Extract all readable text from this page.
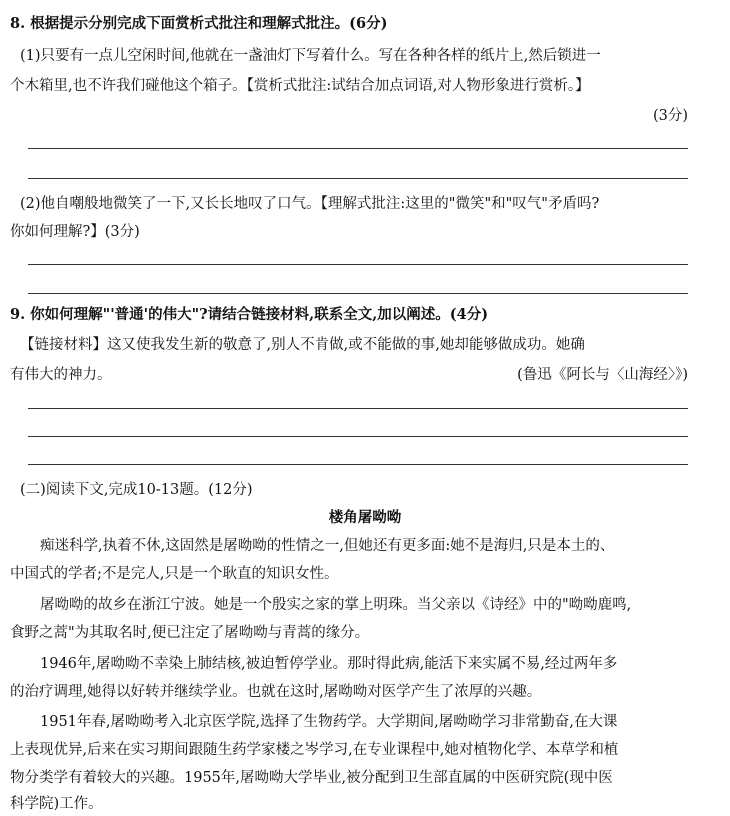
8. 根据提示分别完成下面赏析式批注和理解式批注。(6分)
(1)只要有一点儿空闲时间,他就在一盏油灯下写着什么。写在各种各样的纸片上,然后锁进一
个木箱里,也不许我们碰他这个箱子。【赏析式批注:试结合加点词语,对人物形象进行赏析。】
(3分)
(2)他自嘲般地微笑了一下,又长长地叹了口气。【理解式批注:这里的"微笑"和"叹气"矛盾吗?
你如何理解?】(3分)
9. 你如何理解"'普通'的伟大"?请结合链接材料,联系全文,加以阐述。(4分)
【链接材料】这又使我发生新的敬意了,别人不肯做,或不能做的事,她却能够做成功。她确
有伟大的神力。	(鲁迅《阿长与〈山海经〉》)
(二)阅读下文,完成10-13题。(12分)
楼角屠呦呦
痴迷科学,执着不休,这固然是屠呦呦的性情之一,但她还有更多面:她不是海归,只是本土的、
中国式的学者;不是完人,只是一个耿直的知识女性。
屠呦呦的故乡在浙江宁波。她是一个殷实之家的掌上明珠。当父亲以《诗经》中的"呦呦鹿鸣,
食野之蒿"为其取名时,便已注定了屠呦呦与青蒿的缘分。
1946年,屠呦呦不幸染上肺结核,被迫暂停学业。那时得此病,能活下来实属不易,经过两年多
的治疗调理,她得以好转并继续学业。也就在这时,屠呦呦对医学产生了浓厚的兴趣。
1951年春,屠呦呦考入北京医学院,选择了生物药学。大学期间,屠呦呦学习非常勤奋,在大课
上表现优异,后来在实习期间跟随生药学家楼之岑学习,在专业课程中,她对植物化学、本草学和植
物分类学有着较大的兴趣。1955年,屠呦呦大学毕业,被分配到卫生部直属的中医研究院(现中医
科学院)工作。
